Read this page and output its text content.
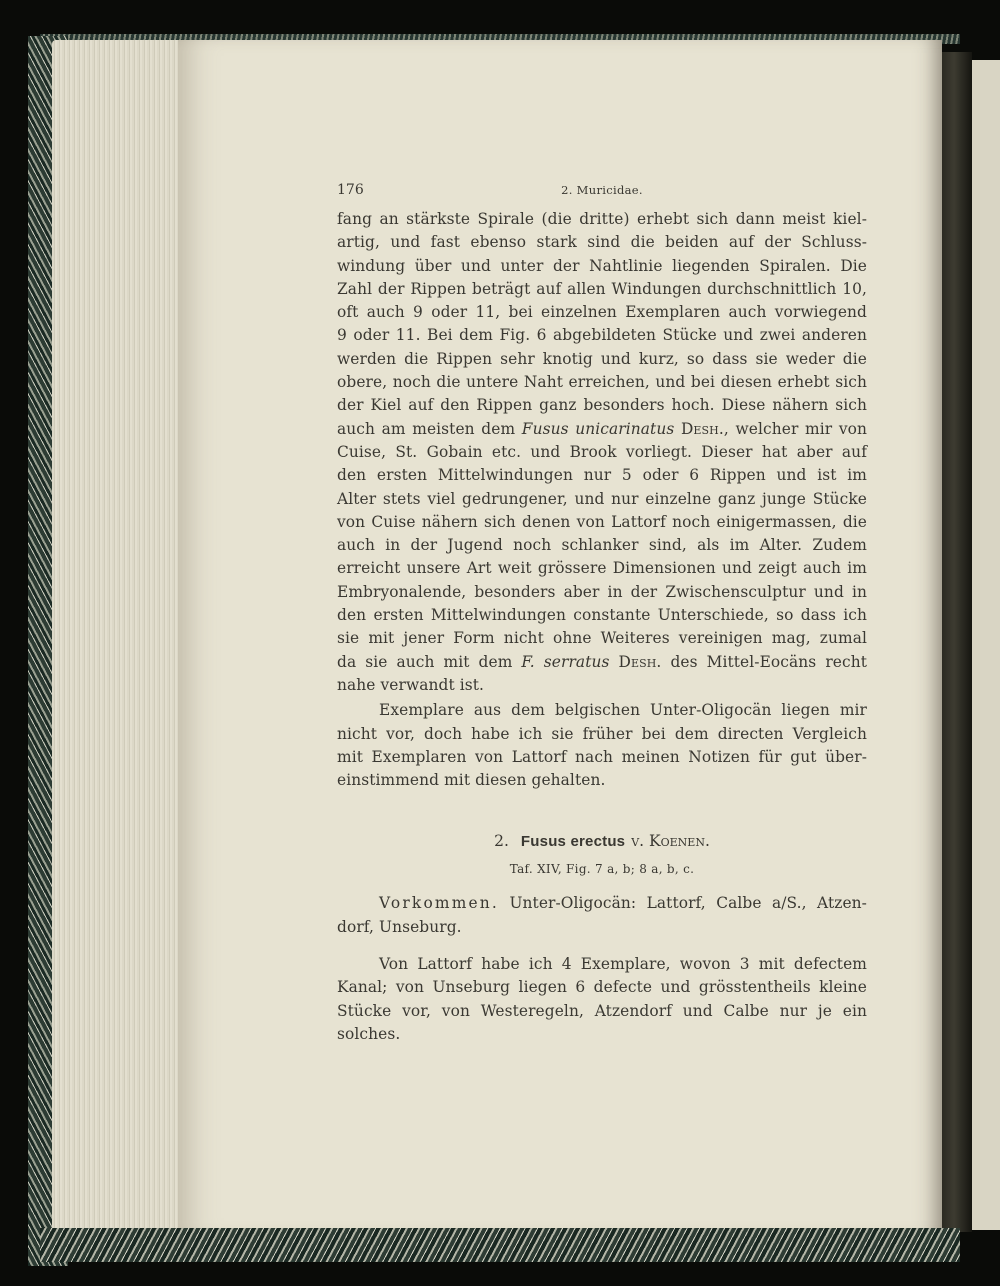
176	2. Muricidae.

fang an stärkste Spirale (die dritte) erhebt sich dann meist kiel-

artig, und fast ebenso stark sind die beiden auf der Schluss-

windung über und unter der Nahtlinie liegenden Spiralen. Die

Zahl der Rippen beträgt auf allen Windungen durchschnittlich 10,

oft auch 9 oder 11, bei einzelnen Exemplaren auch vorwiegend

9 oder 11. Bei dem Fig. 6 abgebildeten Stücke und zwei anderen

werden die Rippen sehr knotig und kurz, so dass sie weder die

obere, noch die untere Naht erreichen, und bei diesen erhebt sich

der Kiel auf den Rippen ganz besonders hoch. Diese nähern sich

auch am meisten dem Fusus unicarinatus Desh., welcher mir von

Cuise, St. Gobain etc. und Brook vorliegt. Dieser hat aber auf

den ersten Mittelwindungen nur 5 oder 6 Rippen und ist im

Alter stets viel gedrungener, und nur einzelne ganz junge Stücke

von Cuise nähern sich denen von Lattorf noch einigermassen, die

auch in der Jugend noch schlanker sind, als im Alter. Zudem

erreicht unsere Art weit grössere Dimensionen und zeigt auch im

Embryonalende, besonders aber in der Zwischensculptur und in

den ersten Mittelwindungen constante Unterschiede, so dass ich

sie mit jener Form nicht ohne Weiteres vereinigen mag, zumal

da sie auch mit dem F. serratus Desh. des Mittel-Eocäns recht

nahe verwandt ist.

Exemplare aus dem belgischen Unter-Oligocän liegen mir

nicht vor, doch habe ich sie früher bei dem directen Vergleich

mit Exemplaren von Lattorf nach meinen Notizen für gut über-

einstimmend mit diesen gehalten.

2. Fusus erectus v. Koenen.
Taf. XIV, Fig. 7 a, b; 8 a, b, c.

Vorkommen. Unter-Oligocän: Lattorf, Calbe a/S., Atzen-

dorf, Unseburg.

Von Lattorf habe ich 4 Exemplare, wovon 3 mit defectem

Kanal; von Unseburg liegen 6 defecte und grösstentheils kleine

Stücke vor, von Westeregeln, Atzendorf und Calbe nur je ein

solches.
